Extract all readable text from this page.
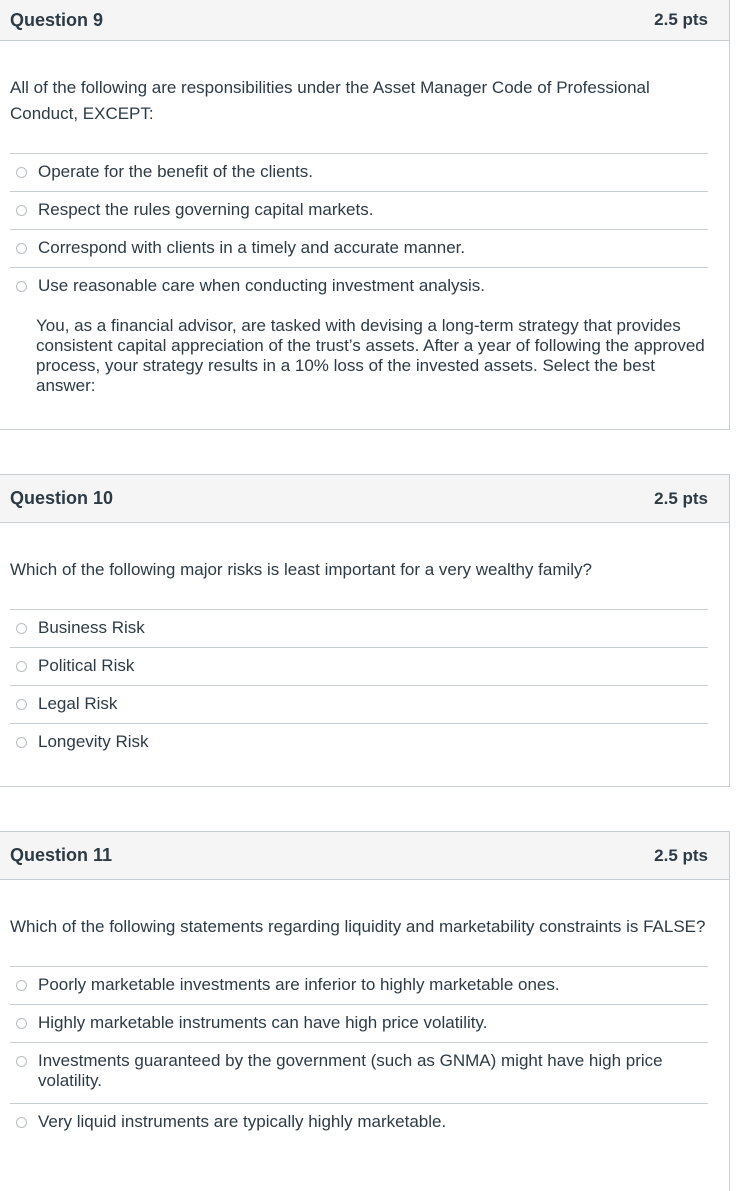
Question 9	2.5 pts

All of the following are responsibilities under the Asset Manager Code of Professional Conduct, EXCEPT:

Operate for the benefit of the clients.
Respect the rules governing capital markets.
Correspond with clients in a timely and accurate manner.
Use reasonable care when conducting investment analysis.

You, as a financial advisor, are tasked with devising a long-term strategy that provides consistent capital appreciation of the trust’s assets. After a year of following the approved process, your strategy results in a 10% loss of the invested assets. Select the best answer:

Question 10	2.5 pts

Which of the following major risks is least important for a very wealthy family?

Business Risk
Political Risk
Legal Risk
Longevity Risk
Question 11	2.5 pts

Which of the following statements regarding liquidity and marketability constraints is FALSE?

Poorly marketable investments are inferior to highly marketable ones.
Highly marketable instruments can have high price volatility.
Investments guaranteed by the government (such as GNMA) might have high price volatility.
Very liquid instruments are typically highly marketable.
